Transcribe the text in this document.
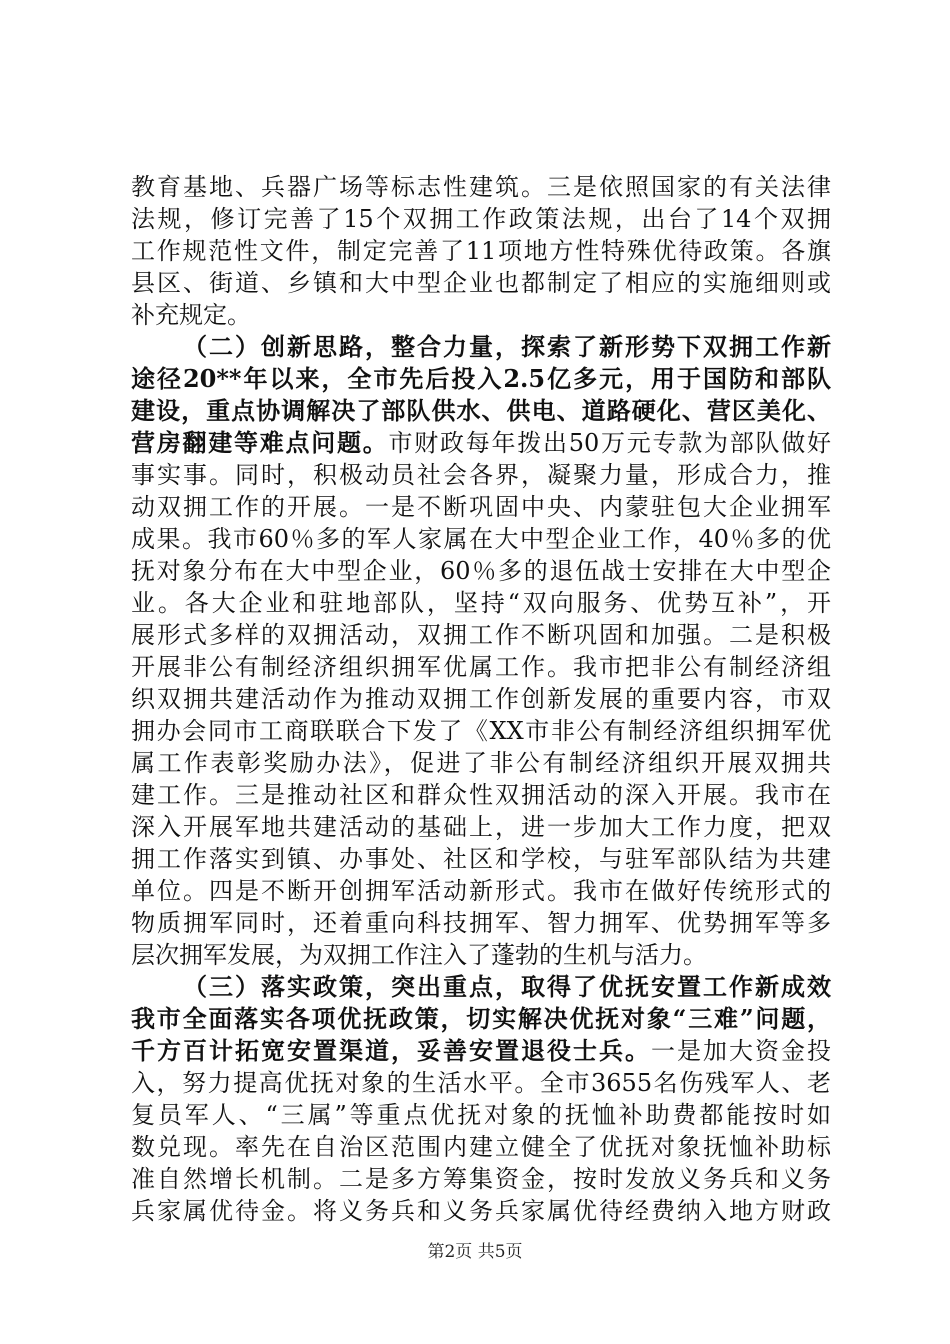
教育基地、兵器广场等标志性建筑。三是依照国家的有关法律
法规，修订完善了15个双拥工作政策法规，出台了14个双拥
工作规范性文件，制定完善了11项地方性特殊优待政策。各旗
县区、街道、乡镇和大中型企业也都制定了相应的实施细则或
补充规定。
（二）创新思路，整合力量，探索了新形势下双拥工作新
途径20**年以来，全市先后投入2.5亿多元，用于国防和部队
建设，重点协调解决了部队供水、供电、道路硬化、营区美化、
营房翻建等难点问题。市财政每年拨出50万元专款为部队做好
事实事。同时，积极动员社会各界，凝聚力量，形成合力，推
动双拥工作的开展。一是不断巩固中央、内蒙驻包大企业拥军
成果。我市60％多的军人家属在大中型企业工作，40％多的优
抚对象分布在大中型企业，60％多的退伍战士安排在大中型企
业。各大企业和驻地部队，坚持“双向服务、优势互补”，开
展形式多样的双拥活动，双拥工作不断巩固和加强。二是积极
开展非公有制经济组织拥军优属工作。我市把非公有制经济组
织双拥共建活动作为推动双拥工作创新发展的重要内容，市双
拥办会同市工商联联合下发了《XX市非公有制经济组织拥军优
属工作表彰奖励办法》，促进了非公有制经济组织开展双拥共
建工作。三是推动社区和群众性双拥活动的深入开展。我市在
深入开展军地共建活动的基础上，进一步加大工作力度，把双
拥工作落实到镇、办事处、社区和学校，与驻军部队结为共建
单位。四是不断开创拥军活动新形式。我市在做好传统形式的
物质拥军同时，还着重向科技拥军、智力拥军、优势拥军等多
层次拥军发展，为双拥工作注入了蓬勃的生机与活力。
（三）落实政策，突出重点，取得了优抚安置工作新成效
我市全面落实各项优抚政策，切实解决优抚对象“三难”问题，
千方百计拓宽安置渠道，妥善安置退役士兵。一是加大资金投
入，努力提高优抚对象的生活水平。全市3655名伤残军人、老
复员军人、“三属”等重点优抚对象的抚恤补助费都能按时如
数兑现。率先在自治区范围内建立健全了优抚对象抚恤补助标
准自然增长机制。二是多方筹集资金，按时发放义务兵和义务
兵家属优待金。将义务兵和义务兵家属优待经费纳入地方财政
第2页 共5页
